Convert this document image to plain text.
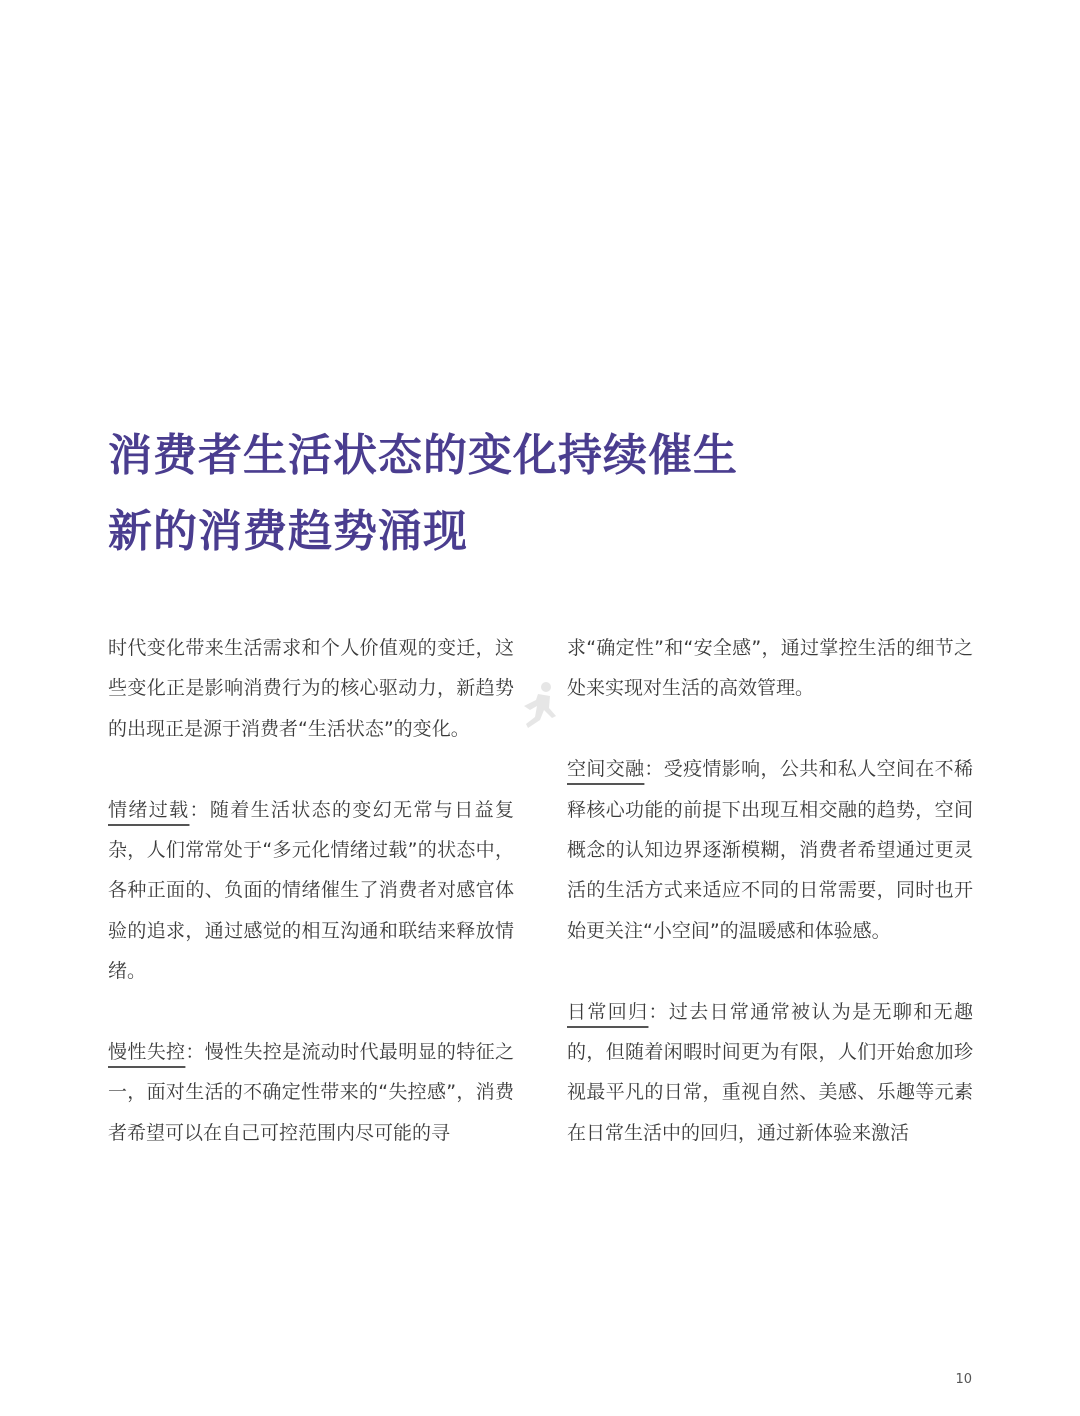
消费者生活状态的变化持续催生
新的消费趋势涌现

时代变化带来生活需求和个人价值观的变迁，这些变化正是影响消费行为的核心驱动力，新趋势的出现正是源于消费者“生活状态”的变化。

情绪过载：随着生活状态的变幻无常与日益复杂，人们常常处于“多元化情绪过载”的状态中，各种正面的、负面的情绪催生了消费者对感官体验的追求，通过感觉的相互沟通和联结来释放情绪。

慢性失控：慢性失控是流动时代最明显的特征之一，面对生活的不确定性带来的“失控感”，消费者希望可以在自己可控范围内尽可能的寻

求“确定性”和“安全感”，通过掌控生活的细节之处来实现对生活的高效管理。

空间交融：受疫情影响，公共和私人空间在不稀释核心功能的前提下出现互相交融的趋势，空间概念的认知边界逐渐模糊，消费者希望通过更灵活的生活方式来适应不同的日常需要，同时也开始更关注“小空间”的温暖感和体验感。

日常回归：过去日常通常被认为是无聊和无趣的，但随着闲暇时间更为有限，人们开始愈加珍视最平凡的日常，重视自然、美感、乐趣等元素在日常生活中的回归，通过新体验来激活

10
